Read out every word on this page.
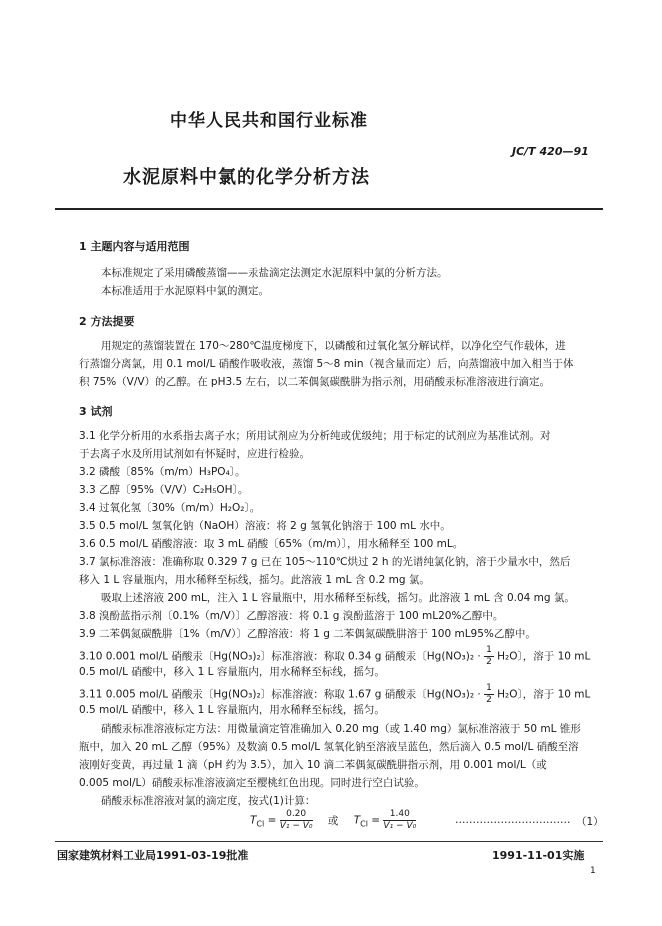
中华人民共和国行业标准
JC/T 420—91
水泥原料中氯的化学分析方法
1 主题内容与适用范围
本标准规定了采用磷酸蒸馏——汞盐滴定法测定水泥原料中氯的分析方法。
本标准适用于水泥原料中氯的测定。
2 方法提要
用规定的蒸馏装置在 170～280℃温度梯度下，以磷酸和过氧化氢分解试样，以净化空气作载体，进
行蒸馏分离氯，用 0.1 mol/L 硝酸作吸收液，蒸馏 5～8 min（视含量而定）后，向蒸馏液中加入相当于体
积 75%（V/V）的乙醇。在 pH3.5 左右，以二苯偶氮碳酰肼为指示剂，用硝酸汞标准溶液进行滴定。
3 试剂
3.1 化学分析用的水系指去离子水；所用试剂应为分析纯或优级纯；用于标定的试剂应为基准试剂。对
于去离子水及所用试剂如有怀疑时，应进行检验。
3.2 磷酸〔85%（m/m）H₃PO₄〕。
3.3 乙醇〔95%（V/V）C₂H₅OH〕。
3.4 过氧化氢〔30%（m/m）H₂O₂〕。
3.5 0.5 mol/L 氢氧化钠（NaOH）溶液：将 2 g 氢氧化钠溶于 100 mL 水中。
3.6 0.5 mol/L 硝酸溶液：取 3 mL 硝酸〔65%（m/m）〕，用水稀释至 100 mL。
3.7 氯标准溶液：准确称取 0.329 7 g 已在 105～110℃烘过 2 h 的光谱纯氯化钠，溶于少量水中，然后
移入 1 L 容量瓶内，用水稀释至标线，摇匀。此溶液 1 mL 含 0.2 mg 氯。
吸取上述溶液 200 mL，注入 1 L 容量瓶中，用水稀释至标线，摇匀。此溶液 1 mL 含 0.04 mg 氯。
3.8 溴酚蓝指示剂〔0.1%（m/V）〕乙醇溶液：将 0.1 g 溴酚蓝溶于 100 mL20%乙醇中。
3.9 二苯偶氮碳酰肼〔1%（m/V）〕乙醇溶液：将 1 g 二苯偶氮碳酰肼溶于 100 mL95%乙醇中。
3.10 0.001 mol/L 硝酸汞〔Hg(NO₃)₂〕标准溶液：称取 0.34 g 硝酸汞〔$Hg(NO_3)_2 \cdot \frac{1}{2} H_2O$〕，溶于 10 mL
0.5 mol/L 硝酸中，移入 1 L 容量瓶内，用水稀释至标线，摇匀。
3.11 0.005 mol/L 硝酸汞〔Hg(NO₃)₂〕标准溶液：称取 1.67 g 硝酸汞〔$Hg(NO_3)_2 \cdot \frac{1}{2} H_2O$〕，溶于 10 mL
0.5 mol/L 硝酸中，移入 1 L 容量瓶内，用水稀释至标线，摇匀。
硝酸汞标准溶液标定方法：用微量滴定管准确加入 0.20 mg（或 1.40 mg）氯标准溶液于 50 mL 锥形
瓶中，加入 20 mL 乙醇（95%）及数滴 0.5 mol/L 氢氧化钠至溶液呈蓝色，然后滴入 0.5 mol/L 硝酸至溶
液刚好变黄，再过量 1 滴（pH 约为 3.5），加入 10 滴二苯偶氮碳酰肼指示剂，用 0.001 mol/L（或
0.005 mol/L）硝酸汞标准溶液滴定至樱桃红色出现。同时进行空白试验。
硝酸汞标准溶液对氯的滴定度，按式(1)计算：
$T_{Cl} = \frac{0.20}{\text{V₁ − V₀}}$ 或 $T_{Cl} = \frac{1.40}{\text{V₁ − V₀}}$	…………………………… （1）
国家建筑材料工业局1991-03-19批准	1991-11-01实施
1
